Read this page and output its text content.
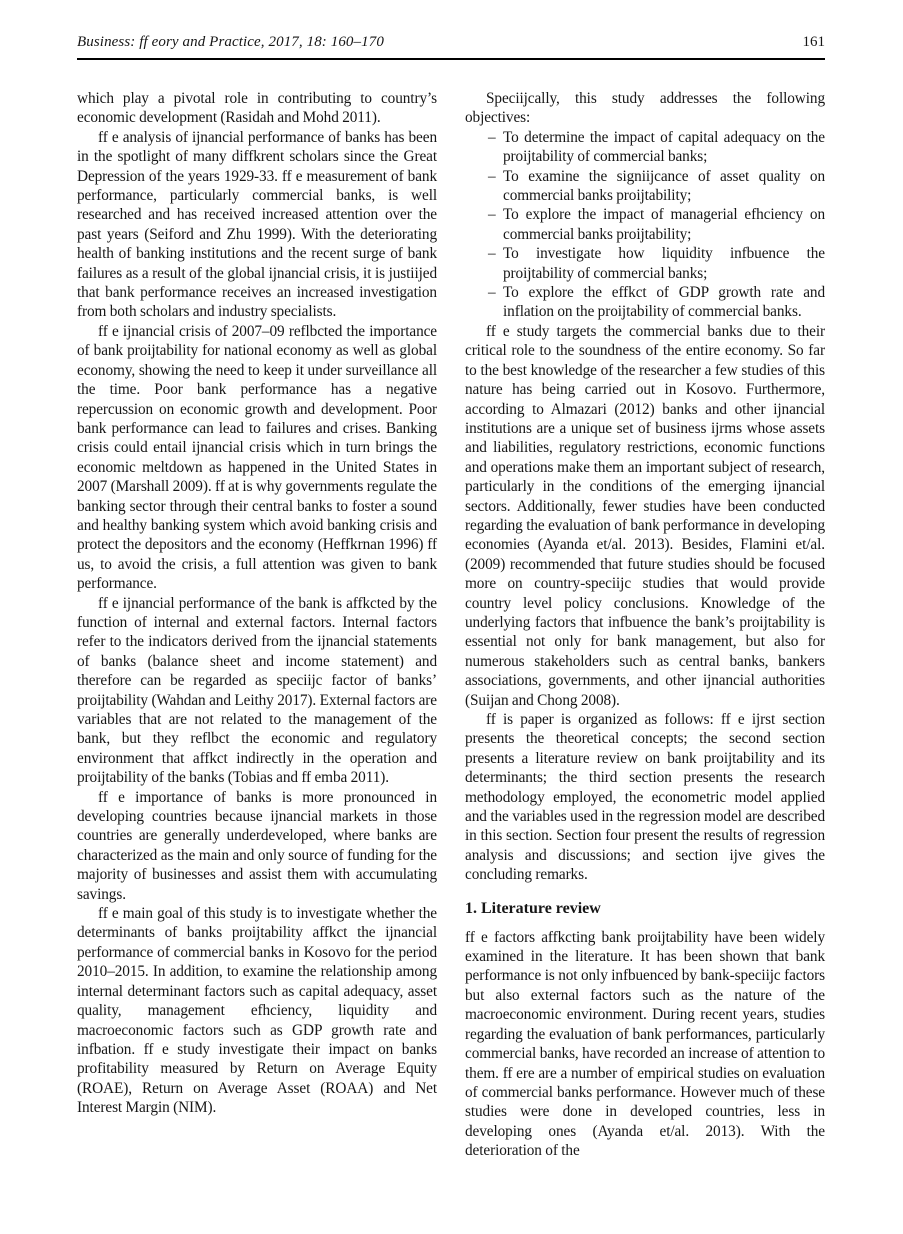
Business: ff eory and Practice, 2017, 18: 160–170	161

which play a pivotal role in contributing to country’s economic development (Rasidah and Mohd 2011).

ff e analysis of ijnancial performance of banks has been in the spotlight of many diffkrent scholars since the Great Depression of the years 1929-33. ff e measurement of bank performance, particularly commercial banks, is well researched and has received increased attention over the past years (Seiford and Zhu 1999). With the deteriorating health of banking institutions and the recent surge of bank failures as a result of the global ijnancial crisis, it is justiijed that bank performance receives an increased investigation from both scholars and industry specialists.

ff e ijnancial crisis of 2007–09 reflbcted the importance of bank proijtability for national economy as well as global economy, showing the need to keep it under surveillance all the time. Poor bank performance has a negative repercussion on economic growth and development. Poor bank performance can lead to failures and crises. Banking crisis could entail ijnancial crisis which in turn brings the economic meltdown as happened in the United States in 2007 (Marshall 2009). ff at is why governments regulate the banking sector through their central banks to foster a sound and healthy banking system which avoid banking crisis and protect the depositors and the economy (Heffkrnan 1996) ff us, to avoid the crisis, a full attention was given to bank performance.

ff e ijnancial performance of the bank is affkcted by the function of internal and external factors. Internal factors refer to the indicators derived from the ijnancial statements of banks (balance sheet and income statement) and therefore can be regarded as speciijc factor of banks’ proijtability (Wahdan and Leithy 2017). External factors are variables that are not related to the management of the bank, but they reflbct the economic and regulatory environment that affkct indirectly in the operation and proijtability of the banks (Tobias and ff emba 2011).

ff e importance of banks is more pronounced in developing countries because ijnancial markets in those countries are generally underdeveloped, where banks are characterized as the main and only source of funding for the majority of businesses and assist them with accumulating savings.

ff e main goal of this study is to investigate whether the determinants of banks proijtability affkct the ijnancial performance of commercial banks in Kosovo for the period 2010–2015. In addition, to examine the relationship among internal determinant factors such as capital adequacy, asset quality, management efhciency, liquidity and macroeconomic factors such as GDP growth rate and infbation. ff e study investigate their impact on banks profitability measured by Return on Average Equity (ROAE), Return on Average Asset (ROAA) and Net Interest Margin (NIM).

Speciijcally, this study addresses the following objectives:

– To determine the impact of capital adequacy on the proijtability of commercial banks;
– To examine the signiijcance of asset quality on commercial banks proijtability;
– To explore the impact of managerial efhciency on commercial banks proijtability;
– To investigate how liquidity infbuence the proijtability of commercial banks;
– To explore the effkct of GDP growth rate and inflation on the proijtability of commercial banks.

ff e study targets the commercial banks due to their critical role to the soundness of the entire economy. So far to the best knowledge of the researcher a few studies of this nature has being carried out in Kosovo. Furthermore, according to Almazari (2012) banks and other ijnancial institutions are a unique set of business ijrms whose assets and liabilities, regulatory restrictions, economic functions and operations make them an important subject of research, particularly in the conditions of the emerging ijnancial sectors. Additionally, fewer studies have been conducted regarding the evaluation of bank performance in developing economies (Ayanda et/al. 2013). Besides, Flamini et/al. (2009) recommended that future studies should be focused more on country-speciijc studies that would provide country level policy conclusions. Knowledge of the underlying factors that infbuence the bank’s proijtability is essential not only for bank management, but also for numerous stakeholders such as central banks, bankers associations, governments, and other ijnancial authorities (Suijan and Chong 2008).

ff is paper is organized as follows: ff e ijrst section presents the theoretical concepts; the second section presents a literature review on bank proijtability and its determinants; the third section presents the research methodology employed, the econometric model applied and the variables used in the regression model are described in this section. Section four present the results of regression analysis and discussions; and section ijve gives the concluding remarks.

1. Literature review

ff e factors affkcting bank proijtability have been widely examined in the literature. It has been shown that bank performance is not only infbuenced by bank-speciijc factors but also external factors such as the nature of the macroeconomic environment. During recent years, studies regarding the evaluation of bank performances, particularly commercial banks, have recorded an increase of attention to them. ff ere are a number of empirical studies on evaluation of commercial banks performance. However much of these studies were done in developed countries, less in developing ones (Ayanda et/al. 2013). With the deterioration of the
